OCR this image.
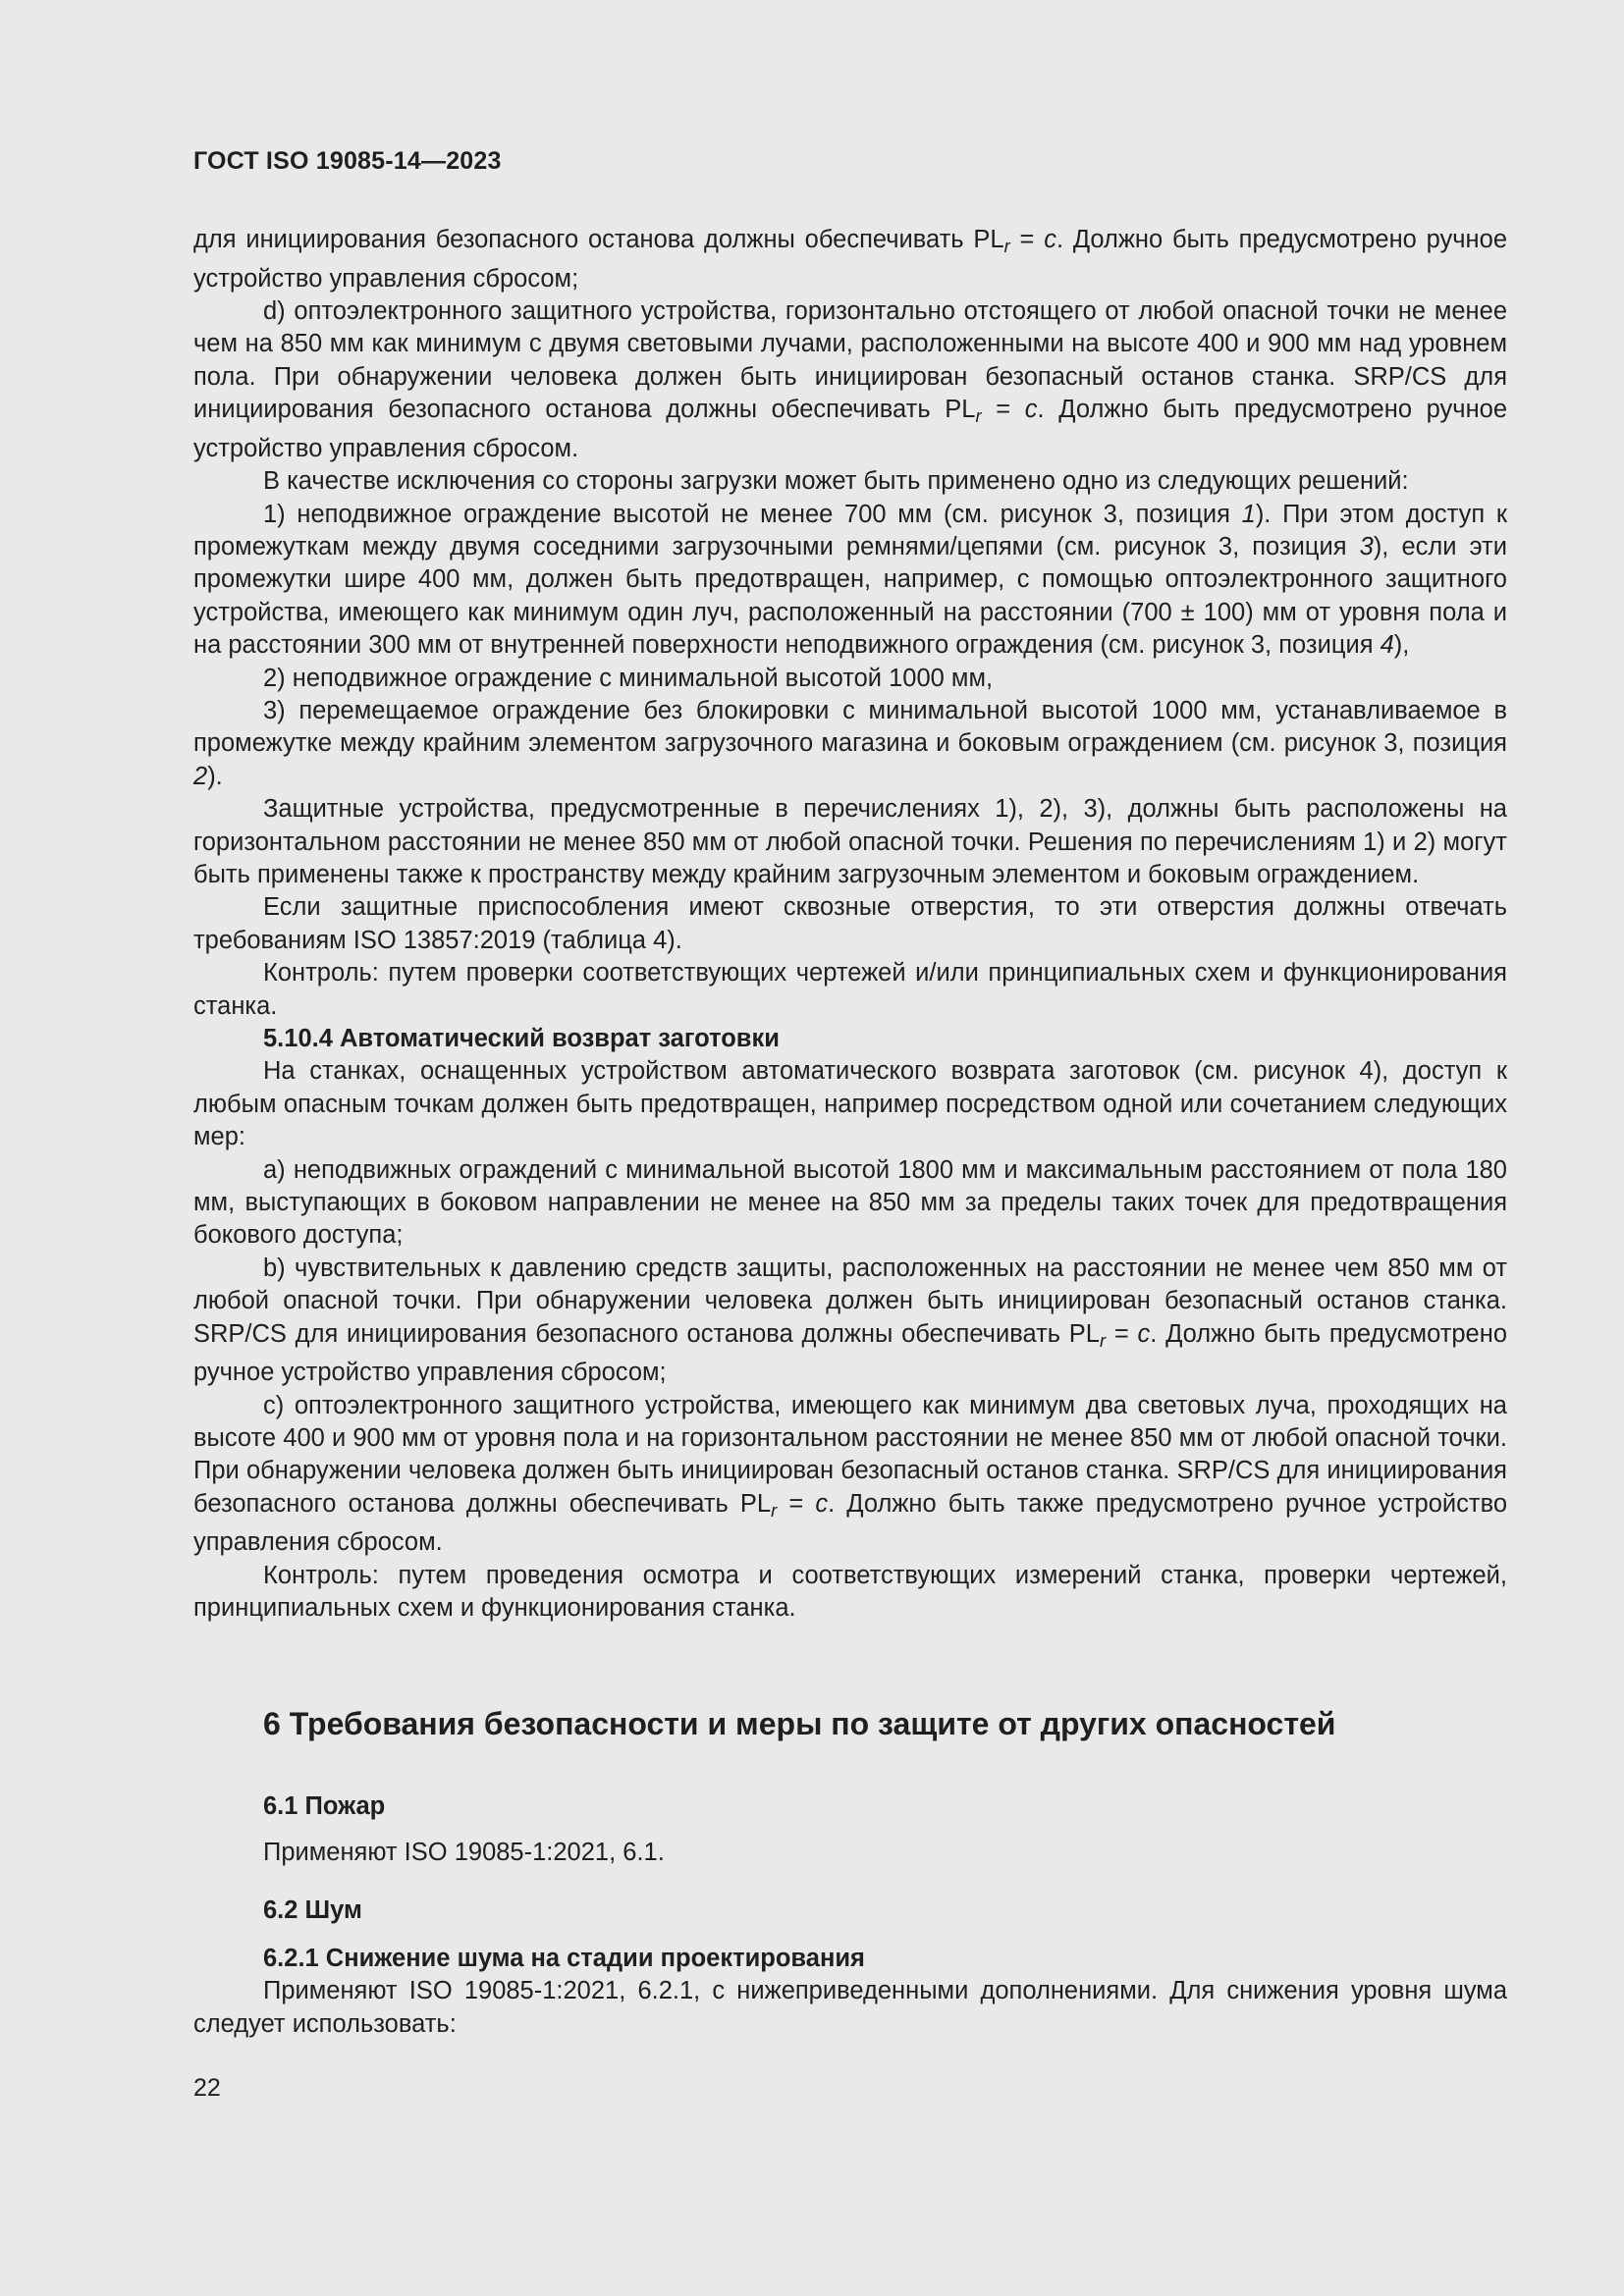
ГОСТ ISO 19085-14—2023

для инициирования безопасного останова должны обеспечивать $PL_r = c$. Должно быть предусмотрено ручное устройство управления сбросом;

d) оптоэлектронного защитного устройства, горизонтально отстоящего от любой опасной точки не менее чем на 850 мм как минимум с двумя световыми лучами, расположенными на высоте 400 и 900 мм над уровнем пола. При обнаружении человека должен быть инициирован безопасный останов станка. SRP/CS для инициирования безопасного останова должны обеспечивать $PL_r = c$. Должно быть предусмотрено ручное устройство управления сбросом.

В качестве исключения со стороны загрузки может быть применено одно из следующих решений:

1) неподвижное ограждение высотой не менее 700 мм (см. рисунок 3, позиция 1). При этом доступ к промежуткам между двумя соседними загрузочными ремнями/цепями (см. рисунок 3, позиция 3), если эти промежутки шире 400 мм, должен быть предотвращен, например, с помощью оптоэлектронного защитного устройства, имеющего как минимум один луч, расположенный на расстоянии (700 ± 100) мм от уровня пола и на расстоянии 300 мм от внутренней поверхности неподвижного ограждения (см. рисунок 3, позиция 4),

2) неподвижное ограждение с минимальной высотой 1000 мм,

3) перемещаемое ограждение без блокировки с минимальной высотой 1000 мм, устанавливаемое в промежутке между крайним элементом загрузочного магазина и боковым ограждением (см. рисунок 3, позиция 2).

Защитные устройства, предусмотренные в перечислениях 1), 2), 3), должны быть расположены на горизонтальном расстоянии не менее 850 мм от любой опасной точки. Решения по перечислениям 1) и 2) могут быть применены также к пространству между крайним загрузочным элементом и боковым ограждением.

Если защитные приспособления имеют сквозные отверстия, то эти отверстия должны отвечать требованиям ISO 13857:2019 (таблица 4).

Контроль: путем проверки соответствующих чертежей и/или принципиальных схем и функционирования станка.

5.10.4 Автоматический возврат заготовки

На станках, оснащенных устройством автоматического возврата заготовок (см. рисунок 4), доступ к любым опасным точкам должен быть предотвращен, например посредством одной или сочетанием следующих мер:

a) неподвижных ограждений с минимальной высотой 1800 мм и максимальным расстоянием от пола 180 мм, выступающих в боковом направлении не менее на 850 мм за пределы таких точек для предотвращения бокового доступа;

b) чувствительных к давлению средств защиты, расположенных на расстоянии не менее чем 850 мм от любой опасной точки. При обнаружении человека должен быть инициирован безопасный останов станка. SRP/CS для инициирования безопасного останова должны обеспечивать $PL_r = c$. Должно быть предусмотрено ручное устройство управления сбросом;

c) оптоэлектронного защитного устройства, имеющего как минимум два световых луча, проходящих на высоте 400 и 900 мм от уровня пола и на горизонтальном расстоянии не менее 850 мм от любой опасной точки. При обнаружении человека должен быть инициирован безопасный останов станка. SRP/CS для инициирования безопасного останова должны обеспечивать $PL_r = c$. Должно быть также предусмотрено ручное устройство управления сбросом.

Контроль: путем проведения осмотра и соответствующих измерений станка, проверки чертежей, принципиальных схем и функционирования станка.

6 Требования безопасности и меры по защите от других опасностей
6.1 Пожар
Применяют ISO 19085-1:2021, 6.1.
6.2 Шум

6.2.1 Снижение шума на стадии проектирования

Применяют ISO 19085-1:2021, 6.2.1, с нижеприведенными дополнениями. Для снижения уровня шума следует использовать:

22
